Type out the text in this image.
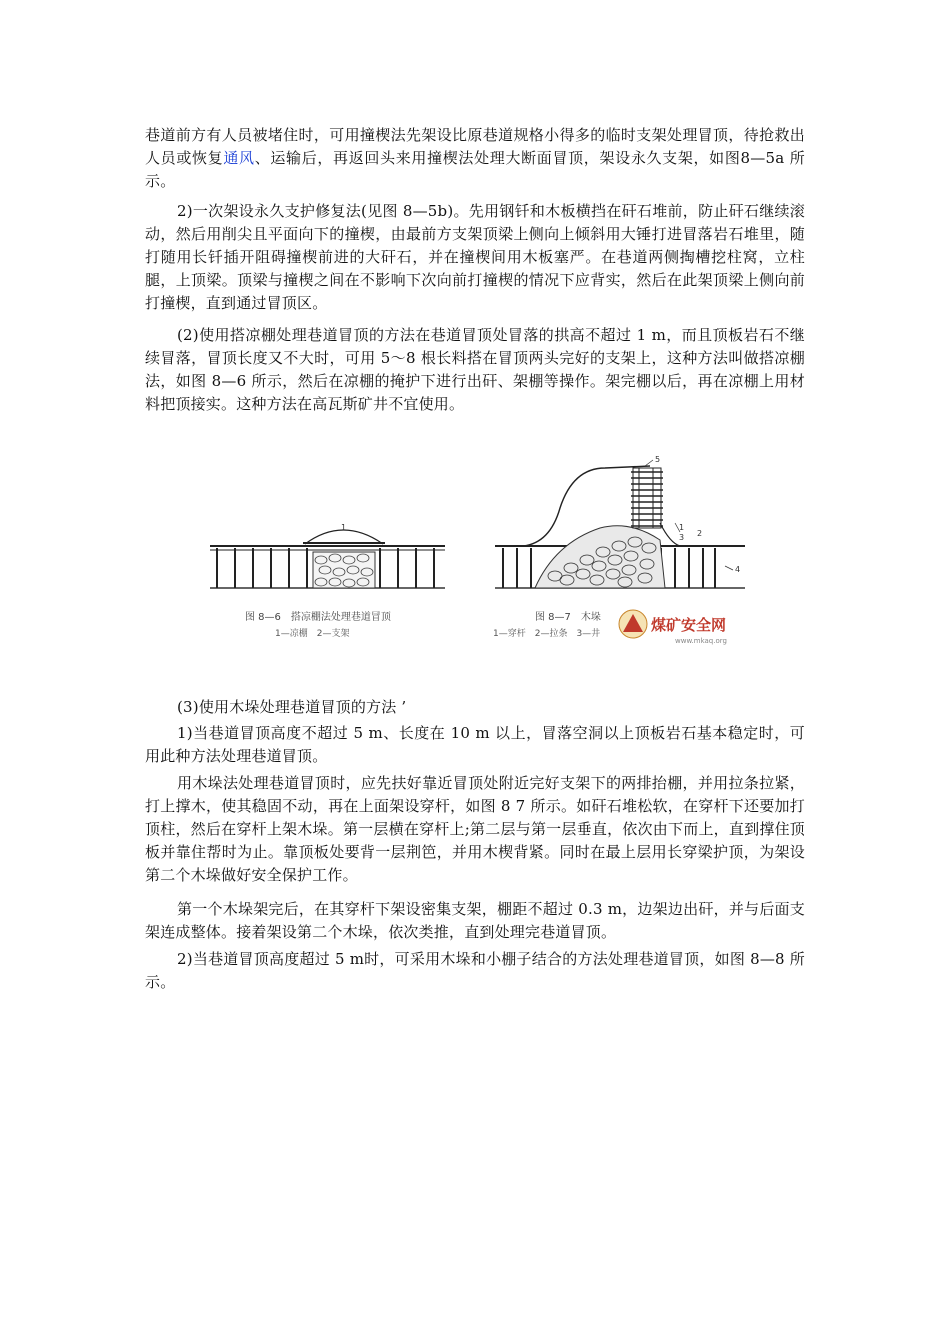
巷道前方有人员被堵住时，可用撞楔法先架设比原巷道规格小得多的临时支架处理冒顶，待抢救出人员或恢复通风、运输后，再返回头来用撞楔法处理大断面冒顶，架设永久支架，如图8—5a 所示。

2)一次架设永久支护修复法(见图 8—5b)。先用钢钎和木板横挡在矸石堆前，防止矸石继续滚动，然后用削尖且平面向下的撞楔，由最前方支架顶梁上侧向上倾斜用大锤打进冒落岩石堆里，随打随用长钎插开阻碍撞楔前进的大矸石，并在撞楔间用木板塞严。在巷道两侧掏槽挖柱窝，立柱腿，上顶梁。顶梁与撞楔之间在不影响下次向前打撞楔的情况下应背实，然后在此架顶梁上侧向前打撞楔，直到通过冒顶区。

(2)使用搭凉棚处理巷道冒顶的方法在巷道冒顶处冒落的拱高不超过 1 m，而且顶板岩石不继续冒落，冒顶长度又不大时，可用 5～8 根长料搭在冒顶两头完好的支架上，这种方法叫做搭凉棚法，如图 8—6 所示，然后在凉棚的掩护下进行出矸、架棚等操作。架完棚以后，再在凉棚上用材料把顶接实。这种方法在高瓦斯矿井不宜使用。

1
图 8—6　搭凉棚法处理巷道冒顶
1—凉棚　2—支架
5
1
3 2
4
图 8—7　木垛
1—穿杆　2—拉条　3—井	煤矿安全网
www.mkaq.org

(3)使用木垛处理巷道冒顶的方法 ’

1)当巷道冒顶高度不超过 5 m、长度在 10 m 以上，冒落空洞以上顶板岩石基本稳定时，可用此种方法处理巷道冒顶。

用木垛法处理巷道冒顶时，应先扶好靠近冒顶处附近完好支架下的两排抬棚，并用拉条拉紧，打上撑木，使其稳固不动，再在上面架设穿杆，如图 8 7 所示。如矸石堆松软，在穿杆下还要加打顶柱，然后在穿杆上架木垛。第一层横在穿杆上;第二层与第一层垂直，依次由下而上，直到撑住顶板并靠住帮时为止。靠顶板处要背一层荆笆，并用木楔背紧。同时在最上层用长穿梁护顶，为架设第二个木垛做好安全保护工作。

第一个木垛架完后，在其穿杆下架设密集支架，棚距不超过 0.3 m，边架边出矸，并与后面支架连成整体。接着架设第二个木垛，依次类推，直到处理完巷道冒顶。

2)当巷道冒顶高度超过 5 m时，可采用木垛和小棚子结合的方法处理巷道冒顶，如图 8—8 所示。
